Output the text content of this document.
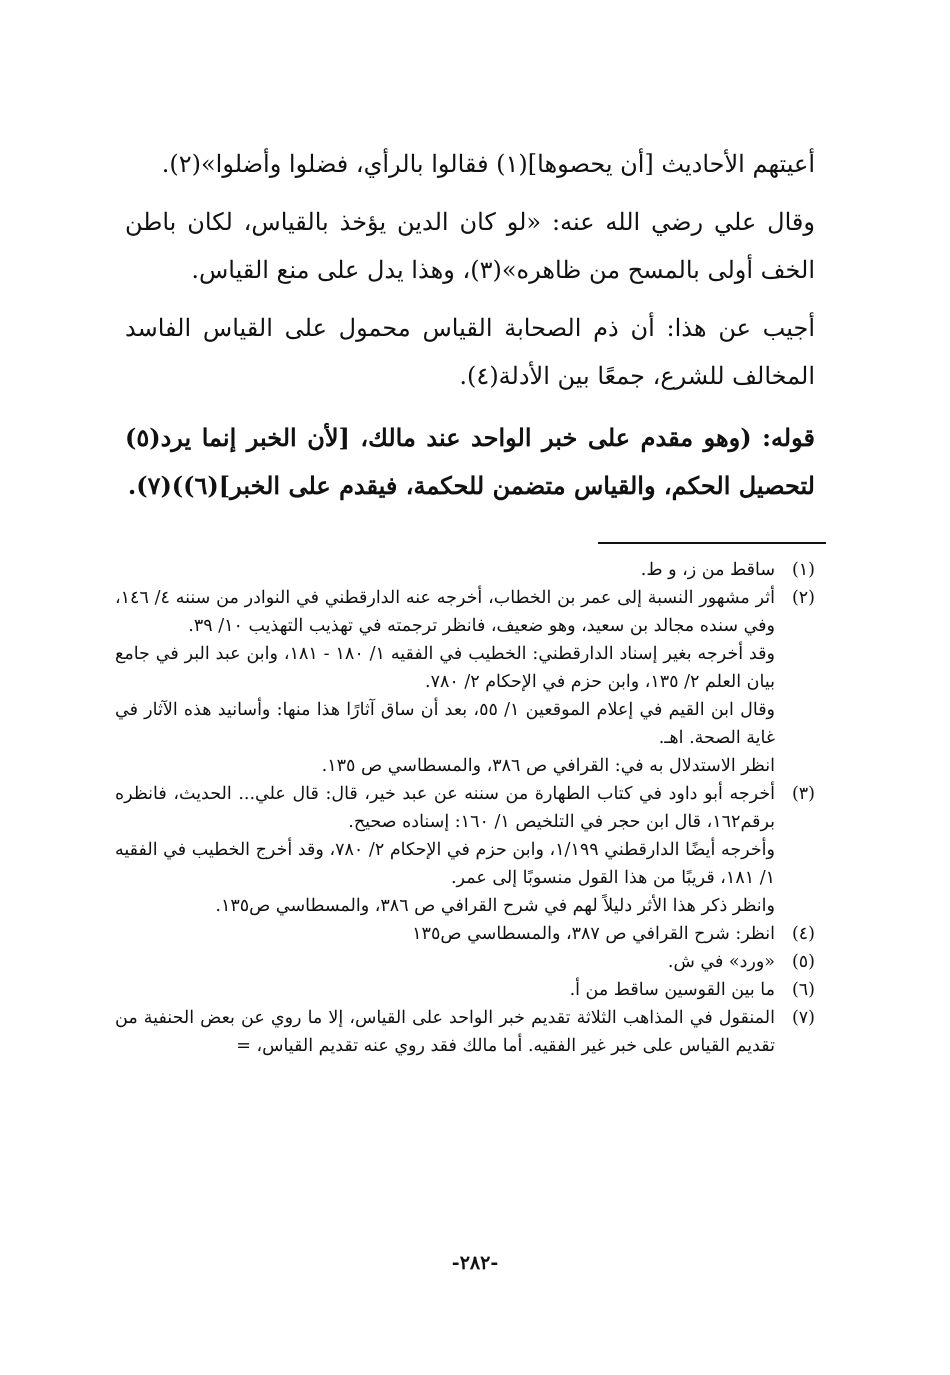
أعيتهم الأحاديث [أن يحصوها](١) فقالوا بالرأي، فضلوا وأضلوا»(٢).

وقال علي رضي الله عنه: «لو كان الدين يؤخذ بالقياس، لكان باطن الخف أولى بالمسح من ظاهره»(٣)، وهذا يدل على منع القياس.

أجيب عن هذا: أن ذم الصحابة القياس محمول على القياس الفاسد المخالف للشرع، جمعًا بين الأدلة(٤).

قوله: (وهو مقدم على خبر الواحد عند مالك، [لأن الخبر إنما يرد(٥) لتحصيل الحكم، والقياس متضمن للحكمة، فيقدم على الخبر](٦))(٧).

(١)

ساقط من ز، و ط.

(٢)

أثر مشهور النسبة إلى عمر بن الخطاب، أخرجه عنه الدارقطني في النوادر من سننه ٤/ ١٤٦، وفي سنده مجالد بن سعيد، وهو ضعيف، فانظر ترجمته في تهذيب التهذيب ١٠/ ٣٩.

وقد أخرجه بغير إسناد الدارقطني: الخطيب في الفقيه ١/ ١٨٠ - ١٨١، وابن عبد البر في جامع بيان العلم ٢/ ١٣٥، وابن حزم في الإحكام ٢/ ٧٨٠.

وقال ابن القيم في إعلام الموقعين ١/ ٥٥، بعد أن ساق آثارًا هذا منها: وأسانيد هذه الآثار في غاية الصحة. اهـ.

انظر الاستدلال به في: القرافي ص ٣٨٦، والمسطاسي ص ١٣٥.

(٣)

أخرجه أبو داود في كتاب الطهارة من سننه عن عبد خير، قال: قال علي... الحديث، فانظره برقم١٦٢، قال ابن حجر في التلخيص ١/ ١٦٠: إسناده صحيح.

وأخرجه أيضًا الدارقطني ١/١٩٩، وابن حزم في الإحكام ٢/ ٧٨٠، وقد أخرج الخطيب في الفقيه ١/ ١٨١، قريبًا من هذا القول منسوبًا إلى عمر.

وانظر ذكر هذا الأثر دليلاً لهم في شرح القرافي ص ٣٨٦، والمسطاسي ص١٣٥.

(٤)

انظر: شرح القرافي ص ٣٨٧، والمسطاسي ص١٣٥

(٥)

«ورد» في ش.

(٦)

ما بين القوسين ساقط من أ.

(٧)

المنقول في المذاهب الثلاثة تقديم خبر الواحد على القياس، إلا ما روي عن بعض الحنفية من تقديم القياس على خبر غير الفقيه. أما مالك فقد روي عنه تقديم القياس، =

-٢٨٢-
